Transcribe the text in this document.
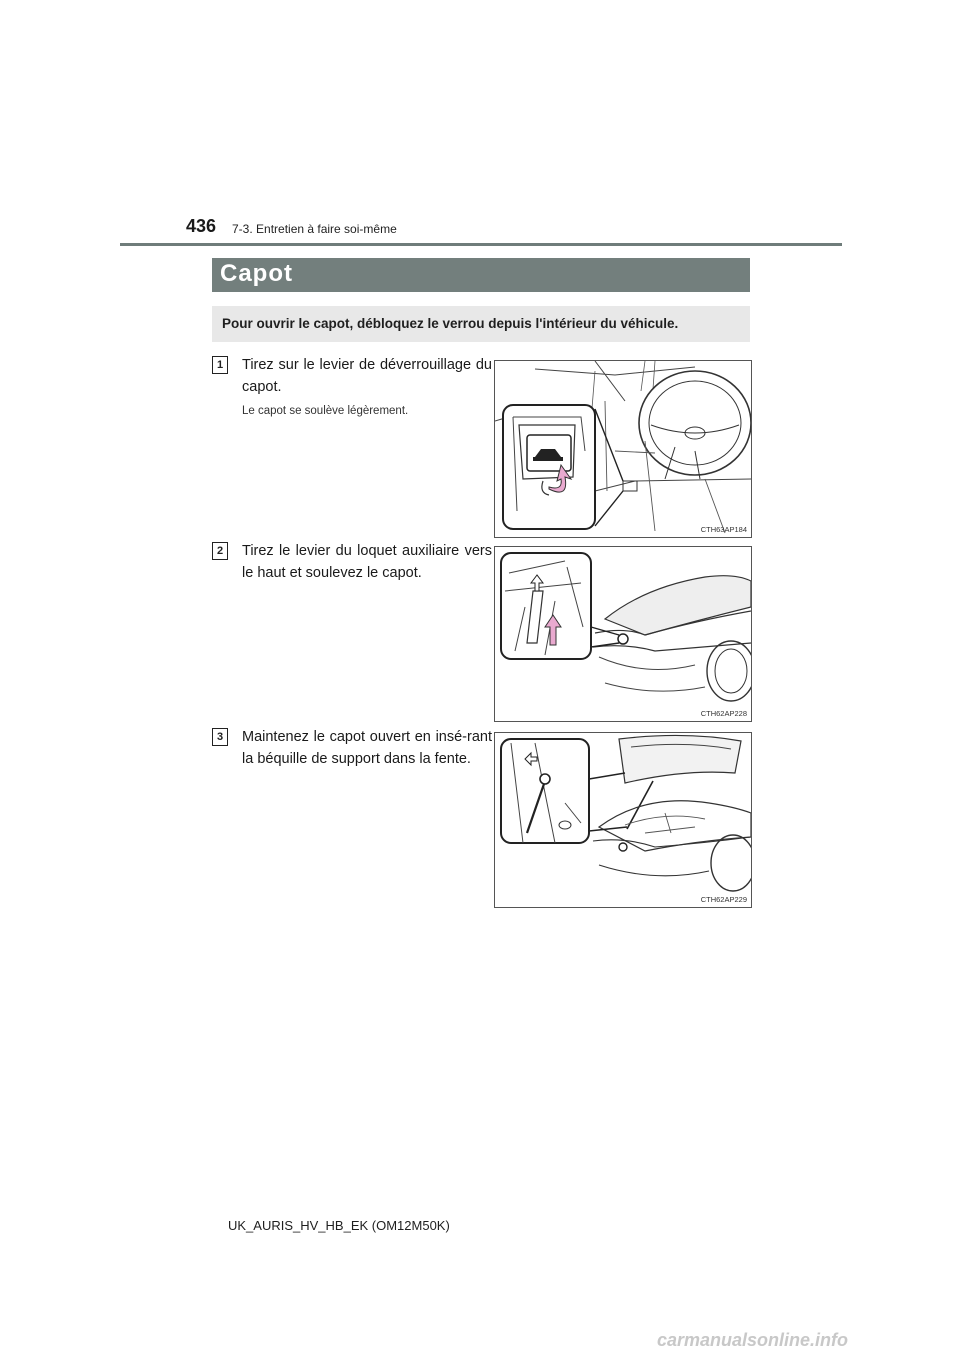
436 7-3. Entretien à faire soi-même
Capot
Pour ouvrir le capot, débloquez le verrou depuis l'intérieur du véhicule.
1	Tirez sur le levier de déverrouillage du capot.
Le capot se soulève légèrement.
CTH63AP184
2	Tirez le levier du loquet auxiliaire vers le haut et soulevez le capot.
CTH62AP228
3	Maintenez le capot ouvert en insé-rant la béquille de support dans la fente.
CTH62AP229
UK_AURIS_HV_HB_EK (OM12M50K)
carmanualsonline.info
